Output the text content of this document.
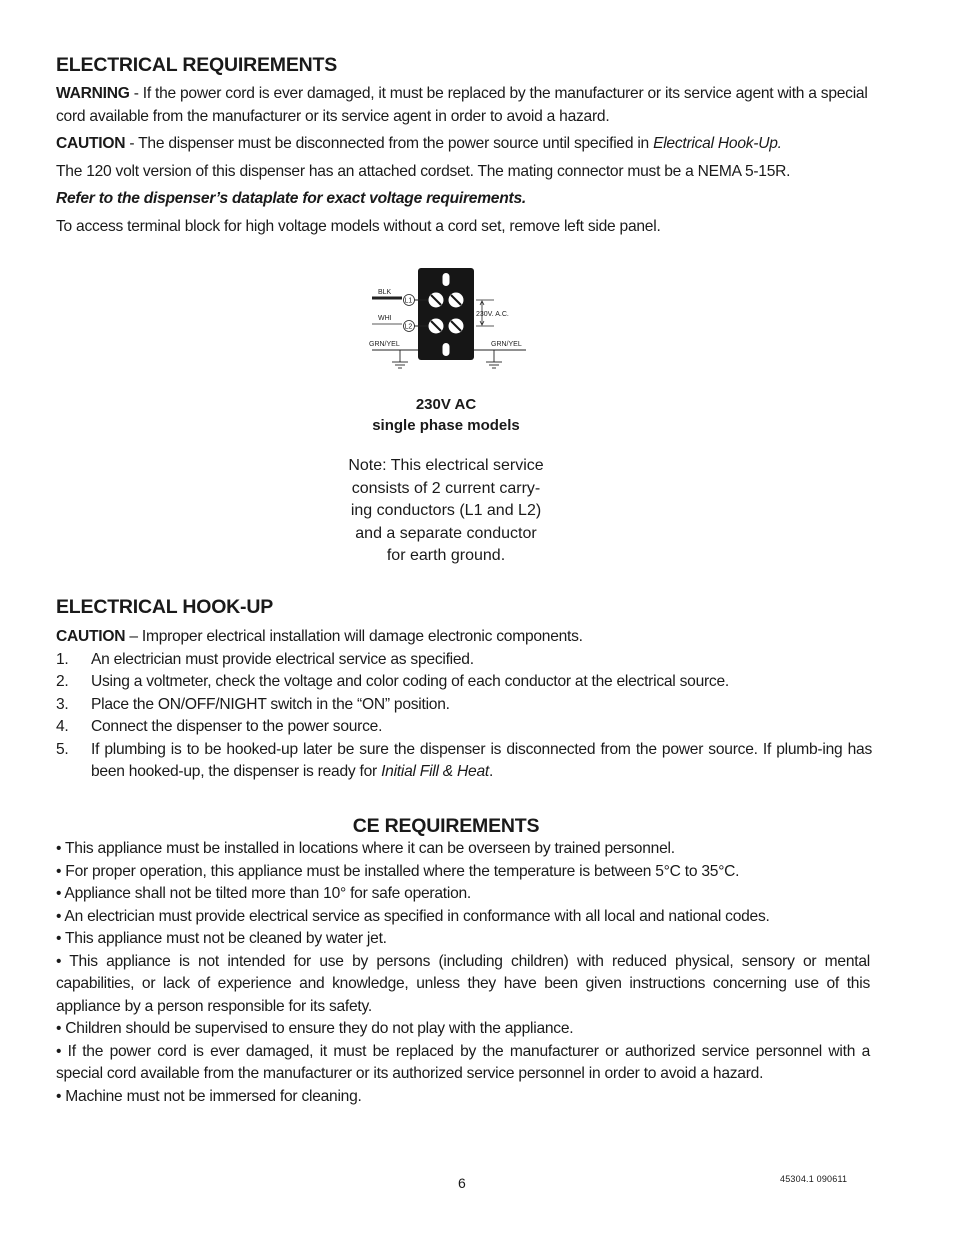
ELECTRICAL REQUIREMENTS

WARNING - If the power cord is ever damaged, it must be replaced by the manufacturer or its service agent with a special cord available from the manufacturer or its service agent in order to avoid a hazard.

CAUTION - The dispenser must be disconnected from the power source until specified in Electrical Hook-Up.

The 120 volt version of this dispenser has an attached cordset. The mating connector must be a NEMA 5-15R.

Refer to the dispenser’s dataplate for exact voltage requirements.

To access terminal block for high voltage models without a cord set, remove left side panel.

BLK
L1
WHI
L2
230V. A.C.
GRN/YEL	GRN/YEL
230V AC
single phase models
Note: This electrical service
consists of 2 current carry-
ing conductors (L1 and L2)
and a separate conductor
for earth ground.
ELECTRICAL HOOK-UP

CAUTION – Improper electrical installation will damage electronic components.

1. An electrician must provide electrical service as specified.
2. Using a voltmeter, check the voltage and color coding of each conductor at the electrical source.
3. Place the ON/OFF/NIGHT switch in the “ON” position.
4. Connect the dispenser to the power source.
5. If plumbing is to be hooked-up later be sure the dispenser is disconnected from the power source. If plumb-ing has been hooked-up, the dispenser is ready for Initial Fill & Heat.
CE REQUIREMENTS

• This appliance must be installed in locations where it can be overseen by trained personnel.

• For proper operation, this appliance must be installed where the temperature is between 5°C to 35°C.

• Appliance shall not be tilted more than 10° for safe operation.

• An electrician must provide electrical service as specified in conformance with all local and national codes.

• This appliance must not be cleaned by water jet.

• This appliance is not intended for use by persons (including children) with reduced physical, sensory or mental capabilities, or lack of experience and knowledge, unless they have been given instructions concerning use of this appliance by a person responsible for its safety.

• Children should be supervised to ensure they do not play with the appliance.

• If the power cord is ever damaged, it must be replaced by the manufacturer or authorized service personnel with a special cord available from the manufacturer or its authorized service personnel in order to avoid a hazard.

• Machine must not be immersed for cleaning.

6	45304.1 090611
